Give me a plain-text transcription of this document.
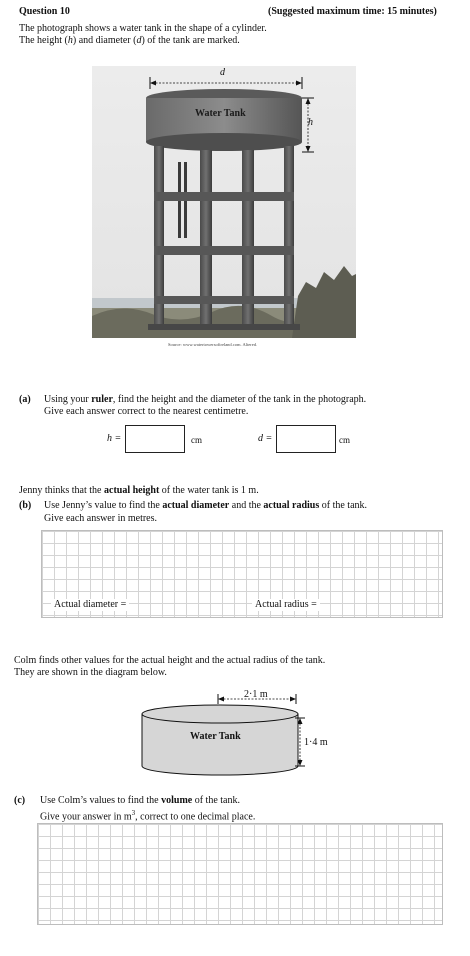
Question 10	(Suggested maximum time: 15 minutes)
The photograph shows a water tank in the shape of a cylinder.
The height (h) and diameter (d) of the tank are marked.
d
h
Water Tank
Source: www.watertowersofireland.com. Altered.
(a) Using your ruler, find the height and the diameter of the tank in the photograph.
Give each answer correct to the nearest centimetre.
h =	cm	d =	cm
Jenny thinks that the actual height of the water tank is 1 m.
(b) Use Jenny’s value to find the actual diameter and the actual radius of the tank.
Give each answer in metres.
Actual diameter =	Actual radius =
Colm finds other values for the actual height and the actual radius of the tank.
They are shown in the diagram below.
2·1 m
1·4 m
Water Tank
(c) Use Colm’s values to find the volume of the tank.
Give your answer in $m^3$, correct to one decimal place.
